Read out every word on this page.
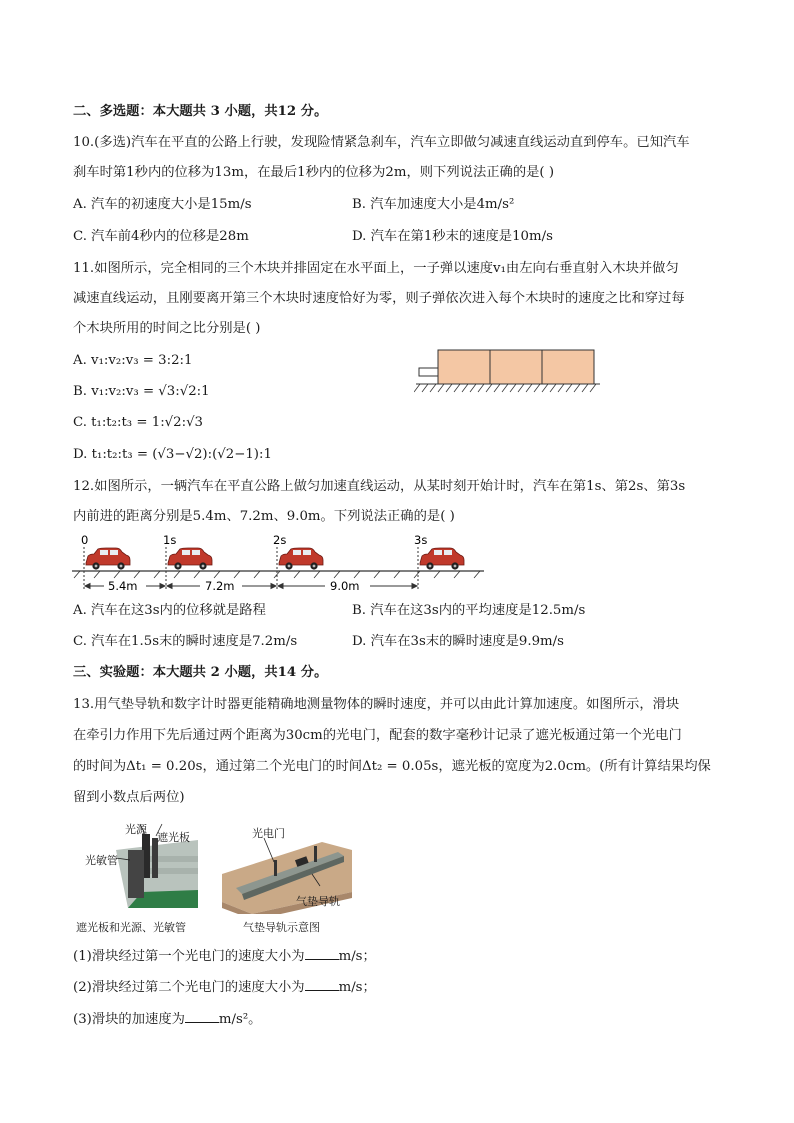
二、多选题：本大题共 3 小题，共12 分。
10.(多选)汽车在平直的公路上行驶，发现险情紧急刹车，汽车立即做匀减速直线运动直到停车。已知汽车
刹车时第1秒内的位移为13m，在最后1秒内的位移为2m，则下列说法正确的是( )
A. 汽车的初速度大小是15m/s	B. 汽车加速度大小是4m/s²
C. 汽车前4秒内的位移是28m	D. 汽车在第1秒末的速度是10m/s
11.如图所示，完全相同的三个木块并排固定在水平面上，一子弹以速度v₁由左向右垂直射入木块并做匀
减速直线运动，且刚要离开第三个木块时速度恰好为零，则子弹依次进入每个木块时的速度之比和穿过每
个木块所用的时间之比分别是( )
A. v₁:v₂:v₃ = 3:2:1
B. v₁:v₂:v₃ = √3:√2:1
C. t₁:t₂:t₃ = 1:√2:√3
D. t₁:t₂:t₃ = (√3−√2):(√2−1):1
12.如图所示，一辆汽车在平直公路上做匀加速直线运动，从某时刻开始计时，汽车在第1s、第2s、第3s
内前进的距离分别是5.4m、7.2m、9.0m。下列说法正确的是( )
0	1s	2s	3s
5.4m	7.2m	9.0m
A. 汽车在这3s内的位移就是路程	B. 汽车在这3s内的平均速度是12.5m/s
C. 汽车在1.5s末的瞬时速度是7.2m/s	D. 汽车在3s末的瞬时速度是9.9m/s
三、实验题：本大题共 2 小题，共14 分。
13.用气垫导轨和数字计时器更能精确地测量物体的瞬时速度，并可以由此计算加速度。如图所示，滑块
在牵引力作用下先后通过两个距离为30cm的光电门，配套的数字毫秒计记录了遮光板通过第一个光电门
的时间为Δt₁ = 0.20s，通过第二个光电门的时间Δt₂ = 0.05s，遮光板的宽度为2.0cm。(所有计算结果均保
留到小数点后两位)
光源
遮光板
光敏管
遮光板和光源、光敏管
光电门
气垫导轨
气垫导轨示意图
(1)滑块经过第一个光电门的速度大小为	m/s；
(2)滑块经过第二个光电门的速度大小为	m/s；
(3)滑块的加速度为	m/s²。
